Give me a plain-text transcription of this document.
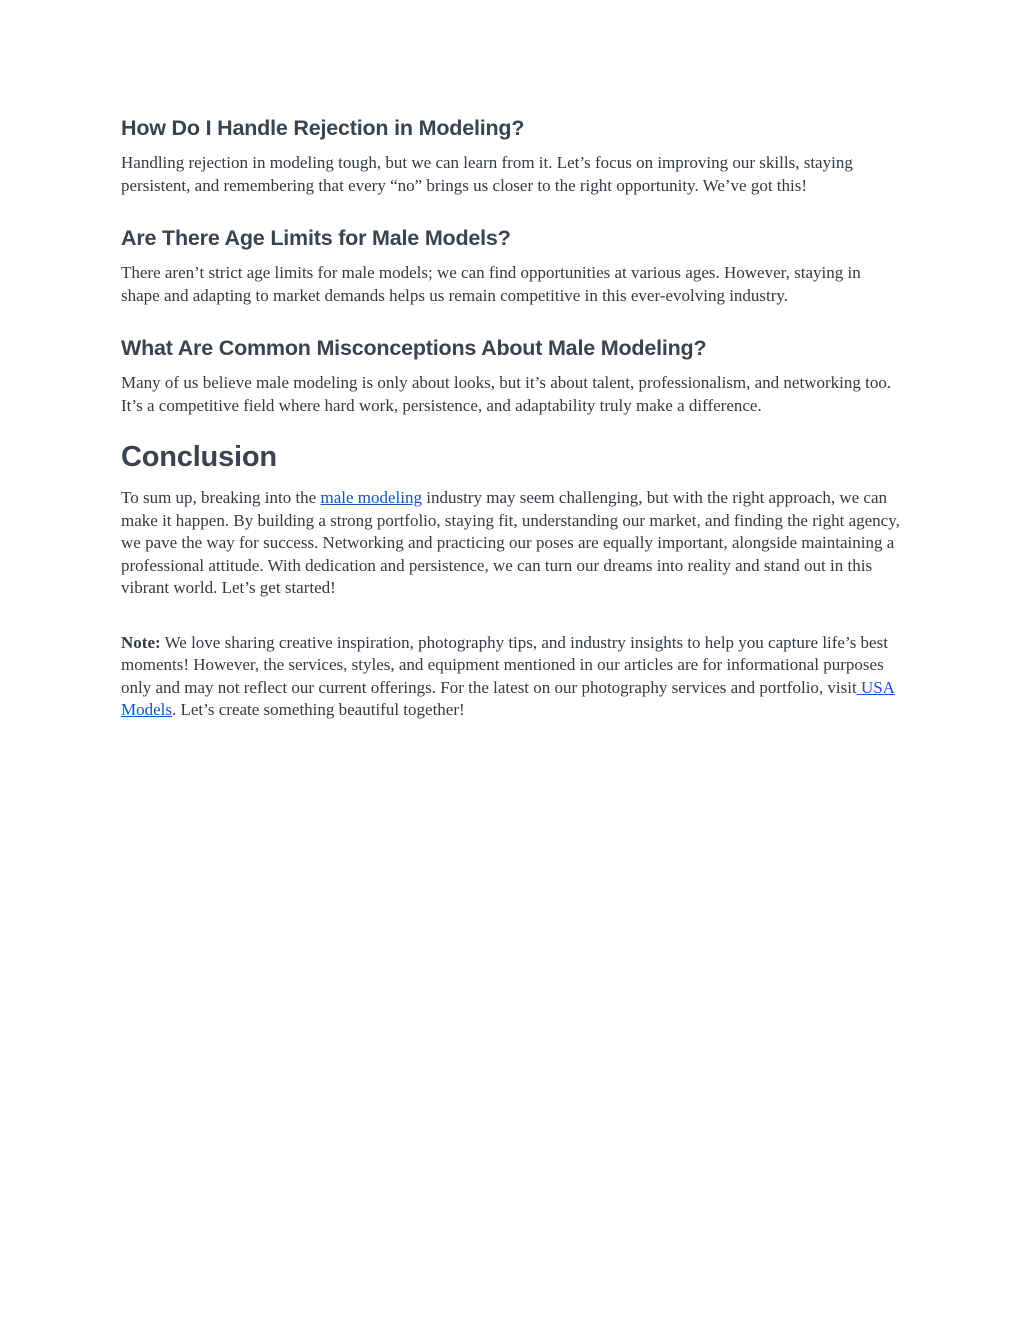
How Do I Handle Rejection in Modeling?

Handling rejection in modeling tough, but we can learn from it. Let’s focus on improving our skills, staying persistent, and remembering that every “no” brings us closer to the right opportunity. We’ve got this!

Are There Age Limits for Male Models?

There aren’t strict age limits for male models; we can find opportunities at various ages. However, staying in shape and adapting to market demands helps us remain competitive in this ever-evolving industry.

What Are Common Misconceptions About Male Modeling?

Many of us believe male modeling is only about looks, but it’s about talent, professionalism, and networking too. It’s a competitive field where hard work, persistence, and adaptability truly make a difference.

Conclusion

To sum up, breaking into the male modeling industry may seem challenging, but with the right approach, we can make it happen. By building a strong portfolio, staying fit, understanding our market, and finding the right agency, we pave the way for success. Networking and practicing our poses are equally important, alongside maintaining a professional attitude. With dedication and persistence, we can turn our dreams into reality and stand out in this vibrant world. Let’s get started!

Note: We love sharing creative inspiration, photography tips, and industry insights to help you capture life’s best moments! However, the services, styles, and equipment mentioned in our articles are for informational purposes only and may not reflect our current offerings. For the latest on our photography services and portfolio, visit USA Models. Let’s create something beautiful together!
